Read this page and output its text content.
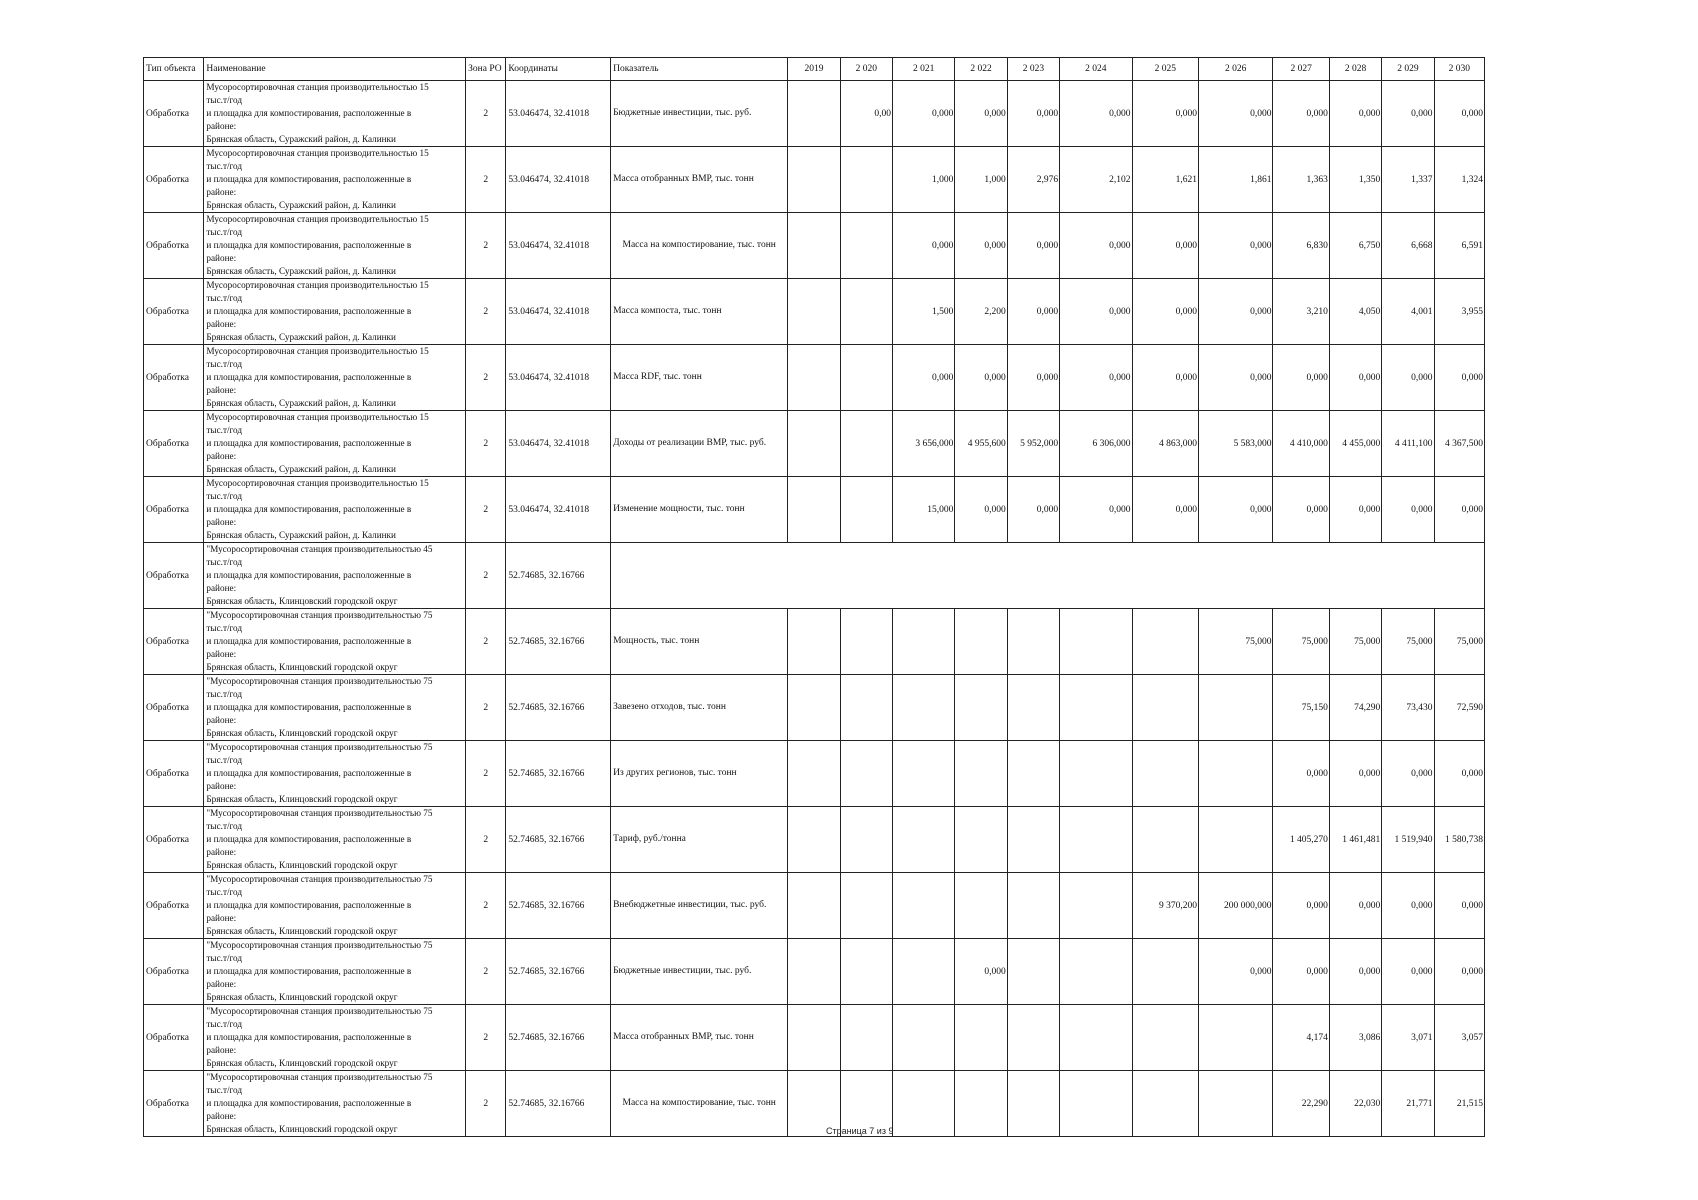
Тип объекта	Наименование	Зона РО	Координаты	Показатель	2019	2 020	2 021	2 022	2 023	2 024	2 025	2 026	2 027	2 028	2 029	2 030
Обработка	Мусоросортировочная станция производительностью 15
тыс.т/год
и площадка для компостирования, расположенные в
районе:
Брянская область, Суражский район, д. Калинки	2	53.046474, 32.41018	Бюджетные инвестиции, тыс. руб.		0,00	0,000	0,000	0,000	0,000	0,000	0,000	0,000	0,000	0,000	0,000
Обработка	Мусоросортировочная станция производительностью 15
тыс.т/год
и площадка для компостирования, расположенные в
районе:
Брянская область, Суражский район, д. Калинки	2	53.046474, 32.41018	Масса отобранных ВМР, тыс. тонн			1,000	1,000	2,976	2,102	1,621	1,861	1,363	1,350	1,337	1,324
Обработка	Мусоросортировочная станция производительностью 15
тыс.т/год
и площадка для компостирования, расположенные в
районе:
Брянская область, Суражский район, д. Калинки	2	53.046474, 32.41018	Масса на компостирование, тыс. тонн			0,000	0,000	0,000	0,000	0,000	0,000	6,830	6,750	6,668	6,591
Обработка	Мусоросортировочная станция производительностью 15
тыс.т/год
и площадка для компостирования, расположенные в
районе:
Брянская область, Суражский район, д. Калинки	2	53.046474, 32.41018	Масса компоста, тыс. тонн			1,500	2,200	0,000	0,000	0,000	0,000	3,210	4,050	4,001	3,955
Обработка	Мусоросортировочная станция производительностью 15
тыс.т/год
и площадка для компостирования, расположенные в
районе:
Брянская область, Суражский район, д. Калинки	2	53.046474, 32.41018	Масса RDF, тыс. тонн			0,000	0,000	0,000	0,000	0,000	0,000	0,000	0,000	0,000	0,000
Обработка	Мусоросортировочная станция производительностью 15
тыс.т/год
и площадка для компостирования, расположенные в
районе:
Брянская область, Суражский район, д. Калинки	2	53.046474, 32.41018	Доходы от реализации ВМР, тыс. руб.			3 656,000	4 955,600	5 952,000	6 306,000	4 863,000	5 583,000	4 410,000	4 455,000	4 411,100	4 367,500
Обработка	Мусоросортировочная станция производительностью 15
тыс.т/год
и площадка для компостирования, расположенные в
районе:
Брянская область, Суражский район, д. Калинки	2	53.046474, 32.41018	Изменение мощности, тыс. тонн			15,000	0,000	0,000	0,000	0,000	0,000	0,000	0,000	0,000	0,000
Обработка	"Мусоросортировочная станция производительностью 45
тыс.т/год
и площадка для компостирования, расположенные в
районе:
Брянская область, Клинцовский городской округ	2	52.74685, 32.16766													
Обработка	"Мусоросортировочная станция производительностью 75
тыс.т/год
и площадка для компостирования, расположенные в
районе:
Брянская область, Клинцовский городской округ	2	52.74685, 32.16766	Мощность, тыс. тонн								75,000	75,000	75,000	75,000	75,000
Обработка	"Мусоросортировочная станция производительностью 75
тыс.т/год
и площадка для компостирования, расположенные в
районе:
Брянская область, Клинцовский городской округ	2	52.74685, 32.16766	Завезено отходов, тыс. тонн									75,150	74,290	73,430	72,590
Обработка	"Мусоросортировочная станция производительностью 75
тыс.т/год
и площадка для компостирования, расположенные в
районе:
Брянская область, Клинцовский городской округ	2	52.74685, 32.16766	Из других регионов, тыс. тонн									0,000	0,000	0,000	0,000
Обработка	"Мусоросортировочная станция производительностью 75
тыс.т/год
и площадка для компостирования, расположенные в
районе:
Брянская область, Клинцовский городской округ	2	52.74685, 32.16766	Тариф, руб./тонна									1 405,270	1 461,481	1 519,940	1 580,738
Обработка	"Мусоросортировочная станция производительностью 75
тыс.т/год
и площадка для компостирования, расположенные в
районе:
Брянская область, Клинцовский городской округ	2	52.74685, 32.16766	Внебюджетные инвестиции, тыс. руб.							9 370,200	200 000,000	0,000	0,000	0,000	0,000
Обработка	"Мусоросортировочная станция производительностью 75
тыс.т/год
и площадка для компостирования, расположенные в
районе:
Брянская область, Клинцовский городской округ	2	52.74685, 32.16766	Бюджетные инвестиции, тыс. руб.				0,000				0,000	0,000	0,000	0,000	0,000
Обработка	"Мусоросортировочная станция производительностью 75
тыс.т/год
и площадка для компостирования, расположенные в
районе:
Брянская область, Клинцовский городской округ	2	52.74685, 32.16766	Масса отобранных ВМР, тыс. тонн									4,174	3,086	3,071	3,057
Обработка	"Мусоросортировочная станция производительностью 75
тыс.т/год
и площадка для компостирования, расположенные в
районе:
Брянская область, Клинцовский городской округ	2	52.74685, 32.16766	Масса на компостирование, тыс. тонн									22,290	22,030	21,771	21,515
Страница 7 из 9
